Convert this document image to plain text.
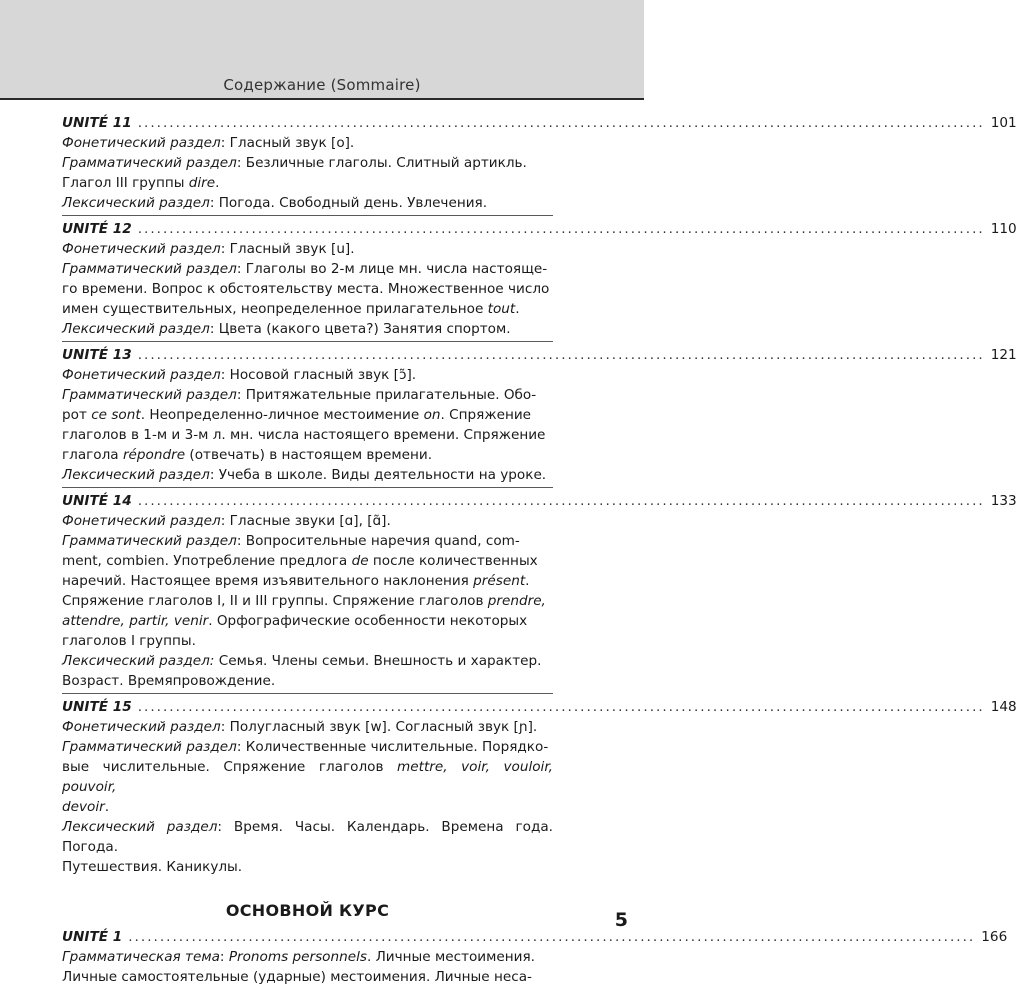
Содержание (Sommaire)
UNITÉ 11 ...................................................................................................................................... 101
Фонетический раздел: Гласный звук [o].
Грамматический раздел: Безличные глаголы. Слитный артикль.
Глагол III группы dire.
Лексический раздел: Погода. Свободный день. Увлечения.
UNITÉ 12 ...................................................................................................................................... 110
Фонетический раздел: Гласный звук [u].
Грамматический раздел: Глаголы во 2-м лице мн. числа настояще-
го времени. Вопрос к обстоятельству места. Множественное число
имен существительных, неопределенное прилагательное tout.
Лексический раздел: Цвета (какого цвета?) Занятия спортом.
UNITÉ 13 ...................................................................................................................................... 121
Фонетический раздел: Носовой гласный звук [ɔ̃].
Грамматический раздел: Притяжательные прилагательные. Обо-
рот ce sont. Неопределенно-личное местоимение on. Спряжение
глаголов в 1-м и 3-м л. мн. числа настоящего времени. Спряжение
глагола répondre (отвечать) в настоящем времени.
Лексический раздел: Учеба в школе. Виды деятельности на уроке.
UNITÉ 14 ...................................................................................................................................... 133
Фонетический раздел: Гласные звуки [ɑ], [ɑ̃].
Грамматический раздел: Вопросительные наречия quand, com-
ment, combien. Употребление предлога de после количественных
наречий. Настоящее время изъявительного наклонения présent.
Спряжение глаголов I, II и III группы. Спряжение глаголов prendre,
attendre, partir, venir. Орфографические особенности некоторых
глаголов I группы.
Лексический раздел: Семья. Члены семьи. Внешность и характер.
Возраст. Времяпровождение.
UNITÉ 15 ...................................................................................................................................... 148
Фонетический раздел: Полугласный звук [w]. Согласный звук [ɲ].
Грамматический раздел: Количественные числительные. Порядко-
вые числительные. Спряжение глаголов mettre, voir, vouloir, pouvoir,
devoir.
Лексический раздел: Время. Часы. Календарь. Времена года. Погода.
Путешествия. Каникулы.
ОСНОВНОЙ КУРС
UNITÉ 1 ...................................................................................................................................... 166
Грамматическая тема: Pronoms personnels. Личные местоимения.
Личные самостоятельные (ударные) местоимения. Личные неса-
5
